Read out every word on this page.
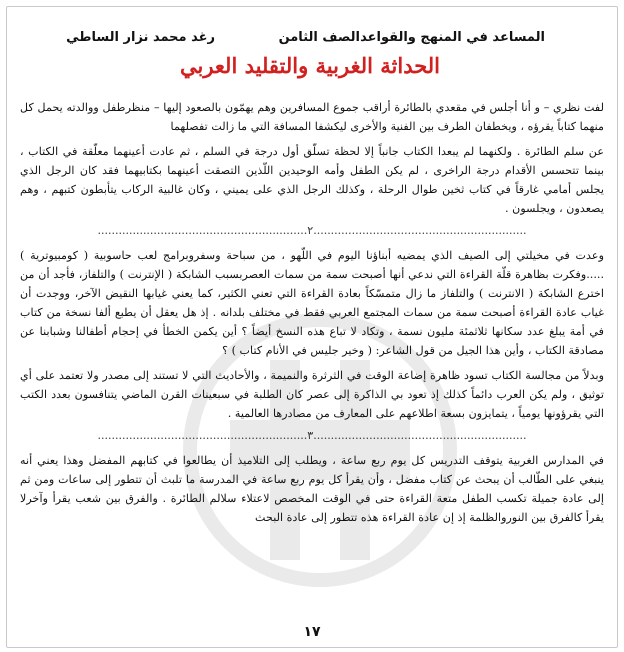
المساعد في المنهج والقواعد
الصف الثامن
رغد محمد نزار الساطي
الحداثة الغربية والتقليد العربي

لفت نظري – و أنا أجلس في مقعدي بالطائرة أراقب جموع المسافرين وهم يهمّون بالصعود إليها – منظرطفل ووالدته يحمل كل منهما كتاباً يقرؤه ، ويخطفان الطرف بين الفنية والأخرى ليكشفا المسافة التي ما زالت تفصلهما

عن سلم الطائرة . ولكنهما لم يبعدا الكتاب جانباً إلا لحظة تسلّق أول درجة في السلم ، ثم عادت أعينهما معلّقة في الكتاب ، بينما تتحسس الأقدام درجة الراخرى ، لم يكن الطفل وأمه الوحيدين اللّذين التصقت أعينهما بكتابيهما فقد كان الرجل الذي يجلس أمامي غارقاً في كتاب ثخين طوال الرحلة ، وكذلك الرجل الذي على يميني ، وكان غالبية الركاب يتأبطون كتبهم ، وهم يصعدون ، ويجلسون .

............................................................٢.............................................................

وعدت في مخيلتي إلى الصيف الذي يمضيه أبناؤنا اليوم في اللّهو ، من سباحة وسفروبرامج لعب حاسوبية ( كومبيوترية ) .....وفكرت بظاهرة قلّة القراءة التي ندعي أنها أصبحت سمة من سمات العصربسبب الشابكة ( الإنترنت ) والتلفاز، فأجد أن من اخترع الشابكة ( الانترنت ) والتلفاز ما زال متمسّكاً بعادة القراءة التي تعني الكثير، كما يعني غيابها النقيض الآخر، ووجدت أن غياب عادة القراءة أصبحت سمة من سمات المجتمع العربي فقط في مختلف بلدانه . إذ هل يعقل أن يطبع ألفا نسخة من كتاب في أمة يبلغ عدد سكانها ثلاثمئة مليون نسمة ، وتكاد لا تباع هذه النسخ أيضاً ؟ أين يكمن الخطأ في إحجام أطفالنا وشبابنا عن مصادقة الكتاب ، وأين هذا الجيل من قول الشاعر: ( وخير جليس في الأنام كتاب ) ؟

وبدلاً من مجالسة الكتاب تسود ظاهرة إضاعة الوقت في الثرثرة والنميمة ، والأحاديث التي لا تستند إلى مصدر ولا تعتمد على أي توثيق ، ولم يكن العرب دائماً كذلك إذ تعود بي الذاكرة إلى عصر كان الطلبة في سبعينات القرن الماضي يتنافسون بعدد الكتب التي يقرؤونها يومياً ، يتمايزون بسعة اطلاعهم على المعارف من مصادرها العالمية .

............................................................٣.............................................................

في المدارس الغربية يتوقف التدريس كل يوم ربع ساعة ، ويطلب إلى التلاميذ أن يطالعوا في كتابهم المفضل وهذا يعني أنه ينبغي على الطّالب أن يبحث عن كتاب مفضل ، وأن يقرأ كل يوم ربع ساعة في المدرسة ما تلبث أن تتطور إلى ساعات ومن ثم إلى عادة جميلة تكسب الطفل متعة القراءة حتى في الوقت المخصص لاعتلاء سلالم الطائرة . والفرق بين شعب يقرأ وآخرلا يقرأ كالفرق بين النوروالظلمة إذ إن عادة القراءة هذه تتطور إلى عادة البحث

١٧
